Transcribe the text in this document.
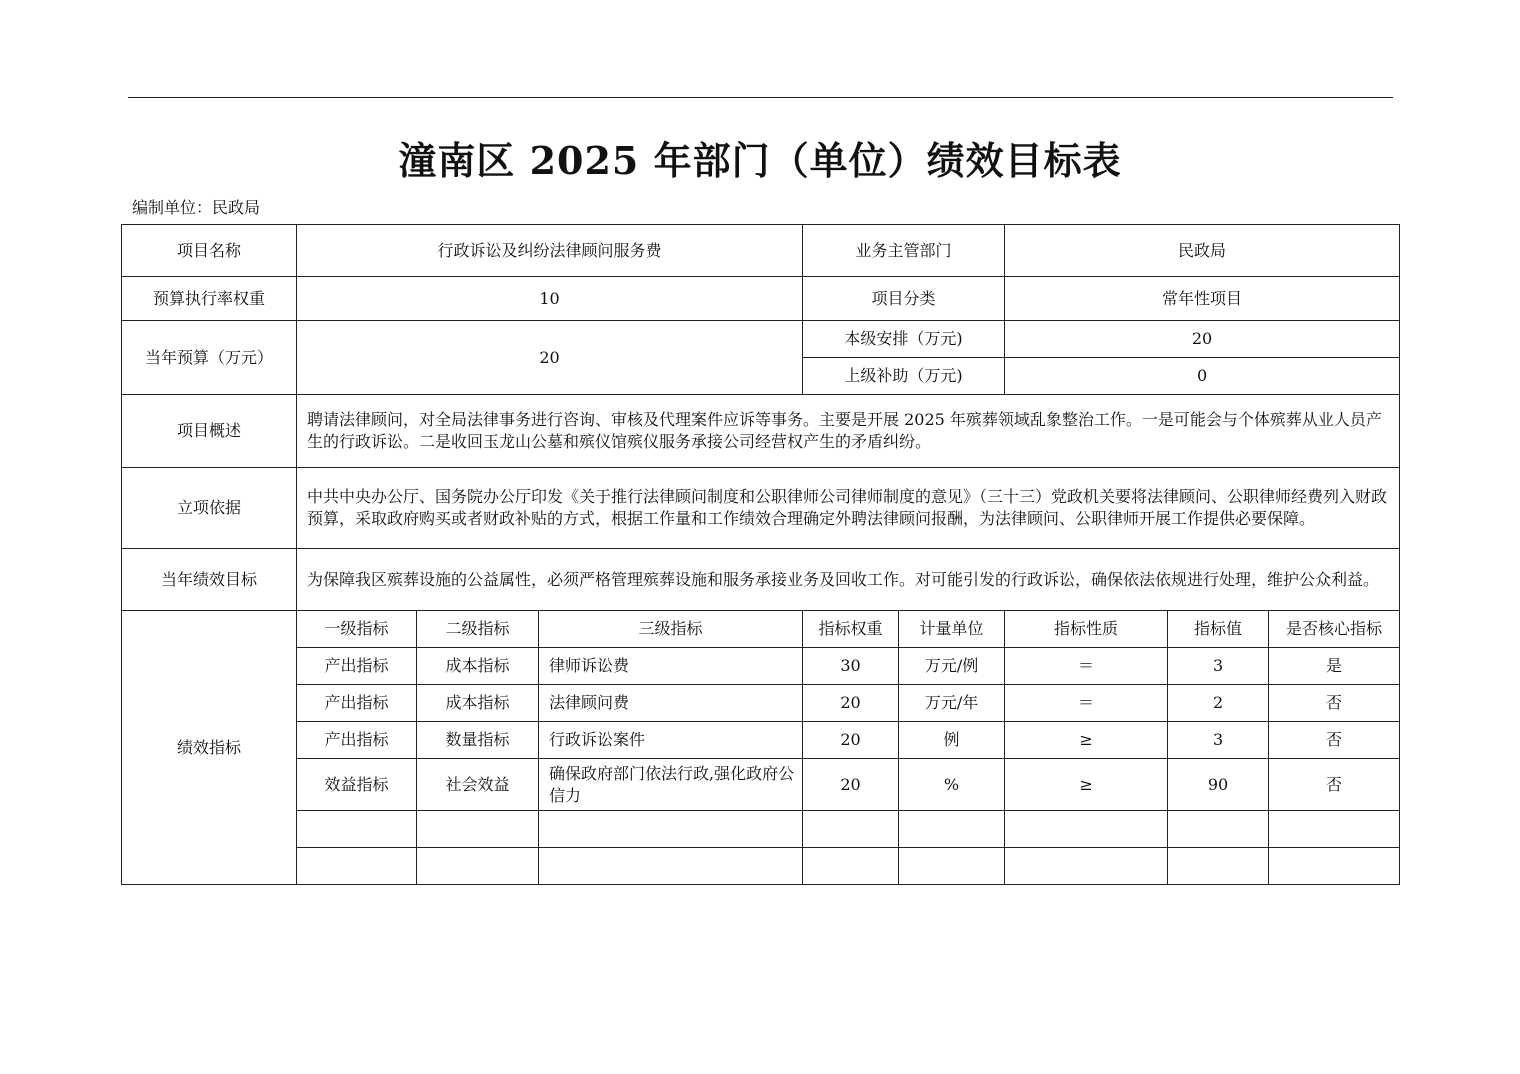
潼南区 2025 年部门（单位）绩效目标表
编制单位：民政局
项目名称	行政诉讼及纠纷法律顾问服务费			业务主管部门		民政局		
预算执行率权重	10			项目分类		常年性项目		
当年预算（万元）	20			本级安排（万元)		20		
				上级补助（万元)		0		
项目概述	聘请法律顾问，对全局法律事务进行咨询、审核及代理案件应诉等事务。主要是开展 2025 年殡葬领域乱象整治工作。一是可能会与个体殡葬从业人员产生的行政诉讼。二是收回玉龙山公墓和殡仪馆殡仪服务承接公司经营权产生的矛盾纠纷。							
立项依据	中共中央办公厅、国务院办公厅印发《关于推行法律顾问制度和公职律师公司律师制度的意见》（三十三）党政机关要将法律顾问、公职律师经费列入财政预算，采取政府购买或者财政补贴的方式，根据工作量和工作绩效合理确定外聘法律顾问报酬，为法律顾问、公职律师开展工作提供必要保障。							
当年绩效目标	为保障我区殡葬设施的公益属性，必须严格管理殡葬设施和服务承接业务及回收工作。对可能引发的行政诉讼，确保依法依规进行处理，维护公众利益。							
绩效指标	一级指标	二级指标	三级指标	指标权重	计量单位	指标性质	指标值	是否核心指标
	产出指标	成本指标	律师诉讼费	30	万元/例	＝	3	是
	产出指标	成本指标	法律顾问费	20	万元/年	＝	2	否
	产出指标	数量指标	行政诉讼案件	20	例	≥	3	否
	效益指标	社会效益	确保政府部门依法行政,强化政府公信力	20	%	≥	90	否
